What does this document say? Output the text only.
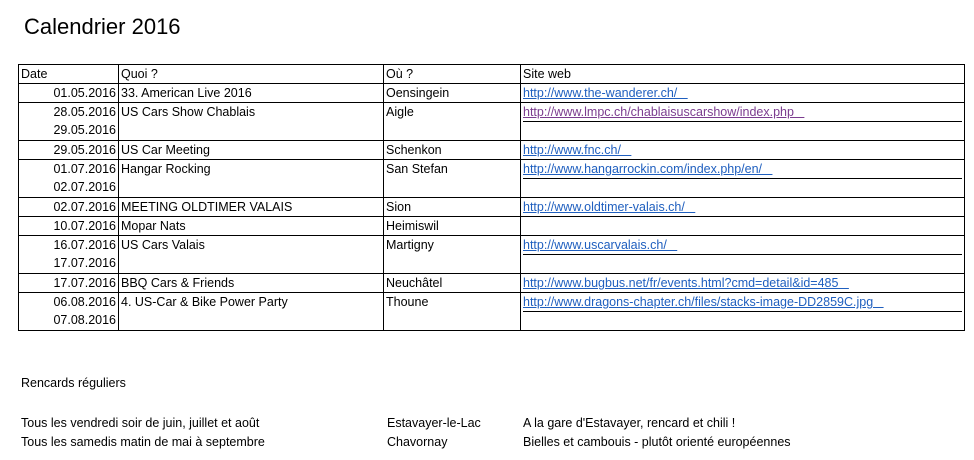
Calendrier 2016
Date	Quoi ?	Où ?	Site web

01.05.2016	33. American Live 2016	Oensingein	http://www.the-wanderer.ch/

28.05.2016
29.05.2016	US Cars Show Chablais	Aigle	http://www.lmpc.ch/chablaisuscarshow/index.php

29.05.2016	US Car Meeting	Schenkon	http://www.fnc.ch/

01.07.2016
02.07.2016	Hangar Rocking	San Stefan	http://www.hangarrockin.com/index.php/en/

02.07.2016	MEETING OLDTIMER VALAIS	Sion	http://www.oldtimer-valais.ch/

10.07.2016	Mopar Nats	Heimiswil	

16.07.2016
17.07.2016	US Cars Valais	Martigny	http://www.uscarvalais.ch/

17.07.2016	BBQ Cars & Friends	Neuchâtel	http://www.bugbus.net/fr/events.html?cmd=detail&id=485

06.08.2016
07.08.2016	4. US-Car & Bike Power Party	Thoune	http://www.dragons-chapter.ch/files/stacks-image-DD2859C.jpg
Rencards réguliers
Tous les vendredi soir de juin, juillet et août	Estavayer-le-Lac	A la gare d'Estavayer, rencard et chili !
Tous les samedis matin de mai à septembre	Chavornay	Bielles et cambouis - plutôt orienté européennes
